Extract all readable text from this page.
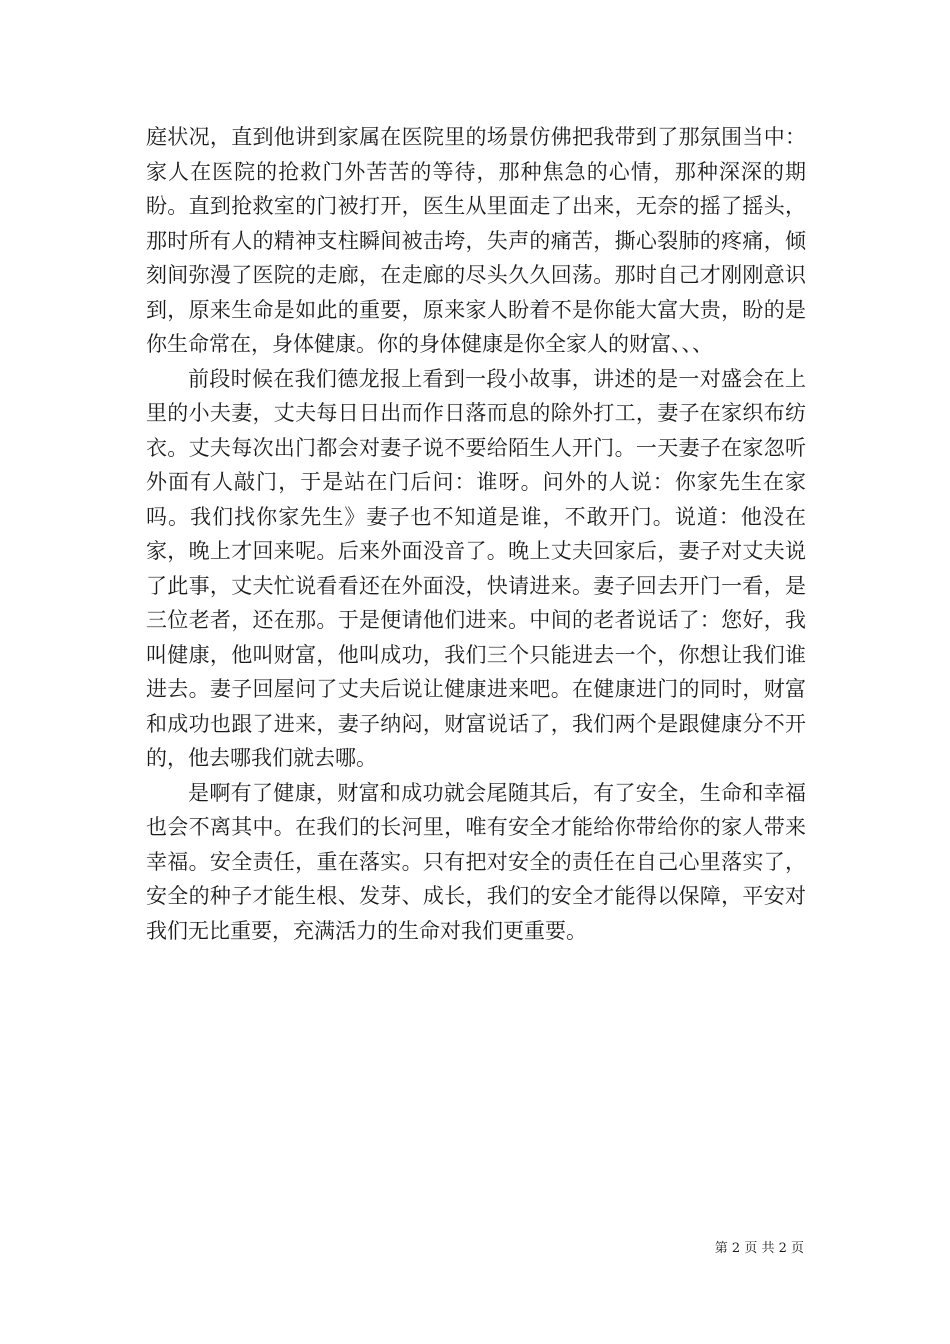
庭状况，直到他讲到家属在医院里的场景仿佛把我带到了那氛围当中：家人在医院的抢救门外苦苦的等待，那种焦急的心情，那种深深的期盼。直到抢救室的门被打开，医生从里面走了出来，无奈的摇了摇头，那时所有人的精神支柱瞬间被击垮，失声的痛苦，撕心裂肺的疼痛，倾刻间弥漫了医院的走廊，在走廊的尽头久久回荡。那时自己才刚刚意识到，原来生命是如此的重要，原来家人盼着不是你能大富大贵，盼的是你生命常在，身体健康。你的身体健康是你全家人的财富、、、

前段时候在我们德龙报上看到一段小故事，讲述的是一对盛会在上里的小夫妻，丈夫每日日出而作日落而息的除外打工，妻子在家织布纺衣。丈夫每次出门都会对妻子说不要给陌生人开门。一天妻子在家忽听外面有人敲门，于是站在门后问：谁呀。问外的人说：你家先生在家吗。我们找你家先生》妻子也不知道是谁，不敢开门。说道：他没在家，晚上才回来呢。后来外面没音了。晚上丈夫回家后，妻子对丈夫说了此事，丈夫忙说看看还在外面没，快请进来。妻子回去开门一看，是三位老者，还在那。于是便请他们进来。中间的老者说话了：您好，我叫健康，他叫财富，他叫成功，我们三个只能进去一个，你想让我们谁进去。妻子回屋问了丈夫后说让健康进来吧。在健康进门的同时，财富和成功也跟了进来，妻子纳闷，财富说话了，我们两个是跟健康分不开的，他去哪我们就去哪。

是啊有了健康，财富和成功就会尾随其后，有了安全，生命和幸福也会不离其中。在我们的长河里，唯有安全才能给你带给你的家人带来幸福。安全责任，重在落实。只有把对安全的责任在自己心里落实了，安全的种子才能生根、发芽、成长，我们的安全才能得以保障，平安对我们无比重要，充满活力的生命对我们更重要。

第 2 页 共 2 页
